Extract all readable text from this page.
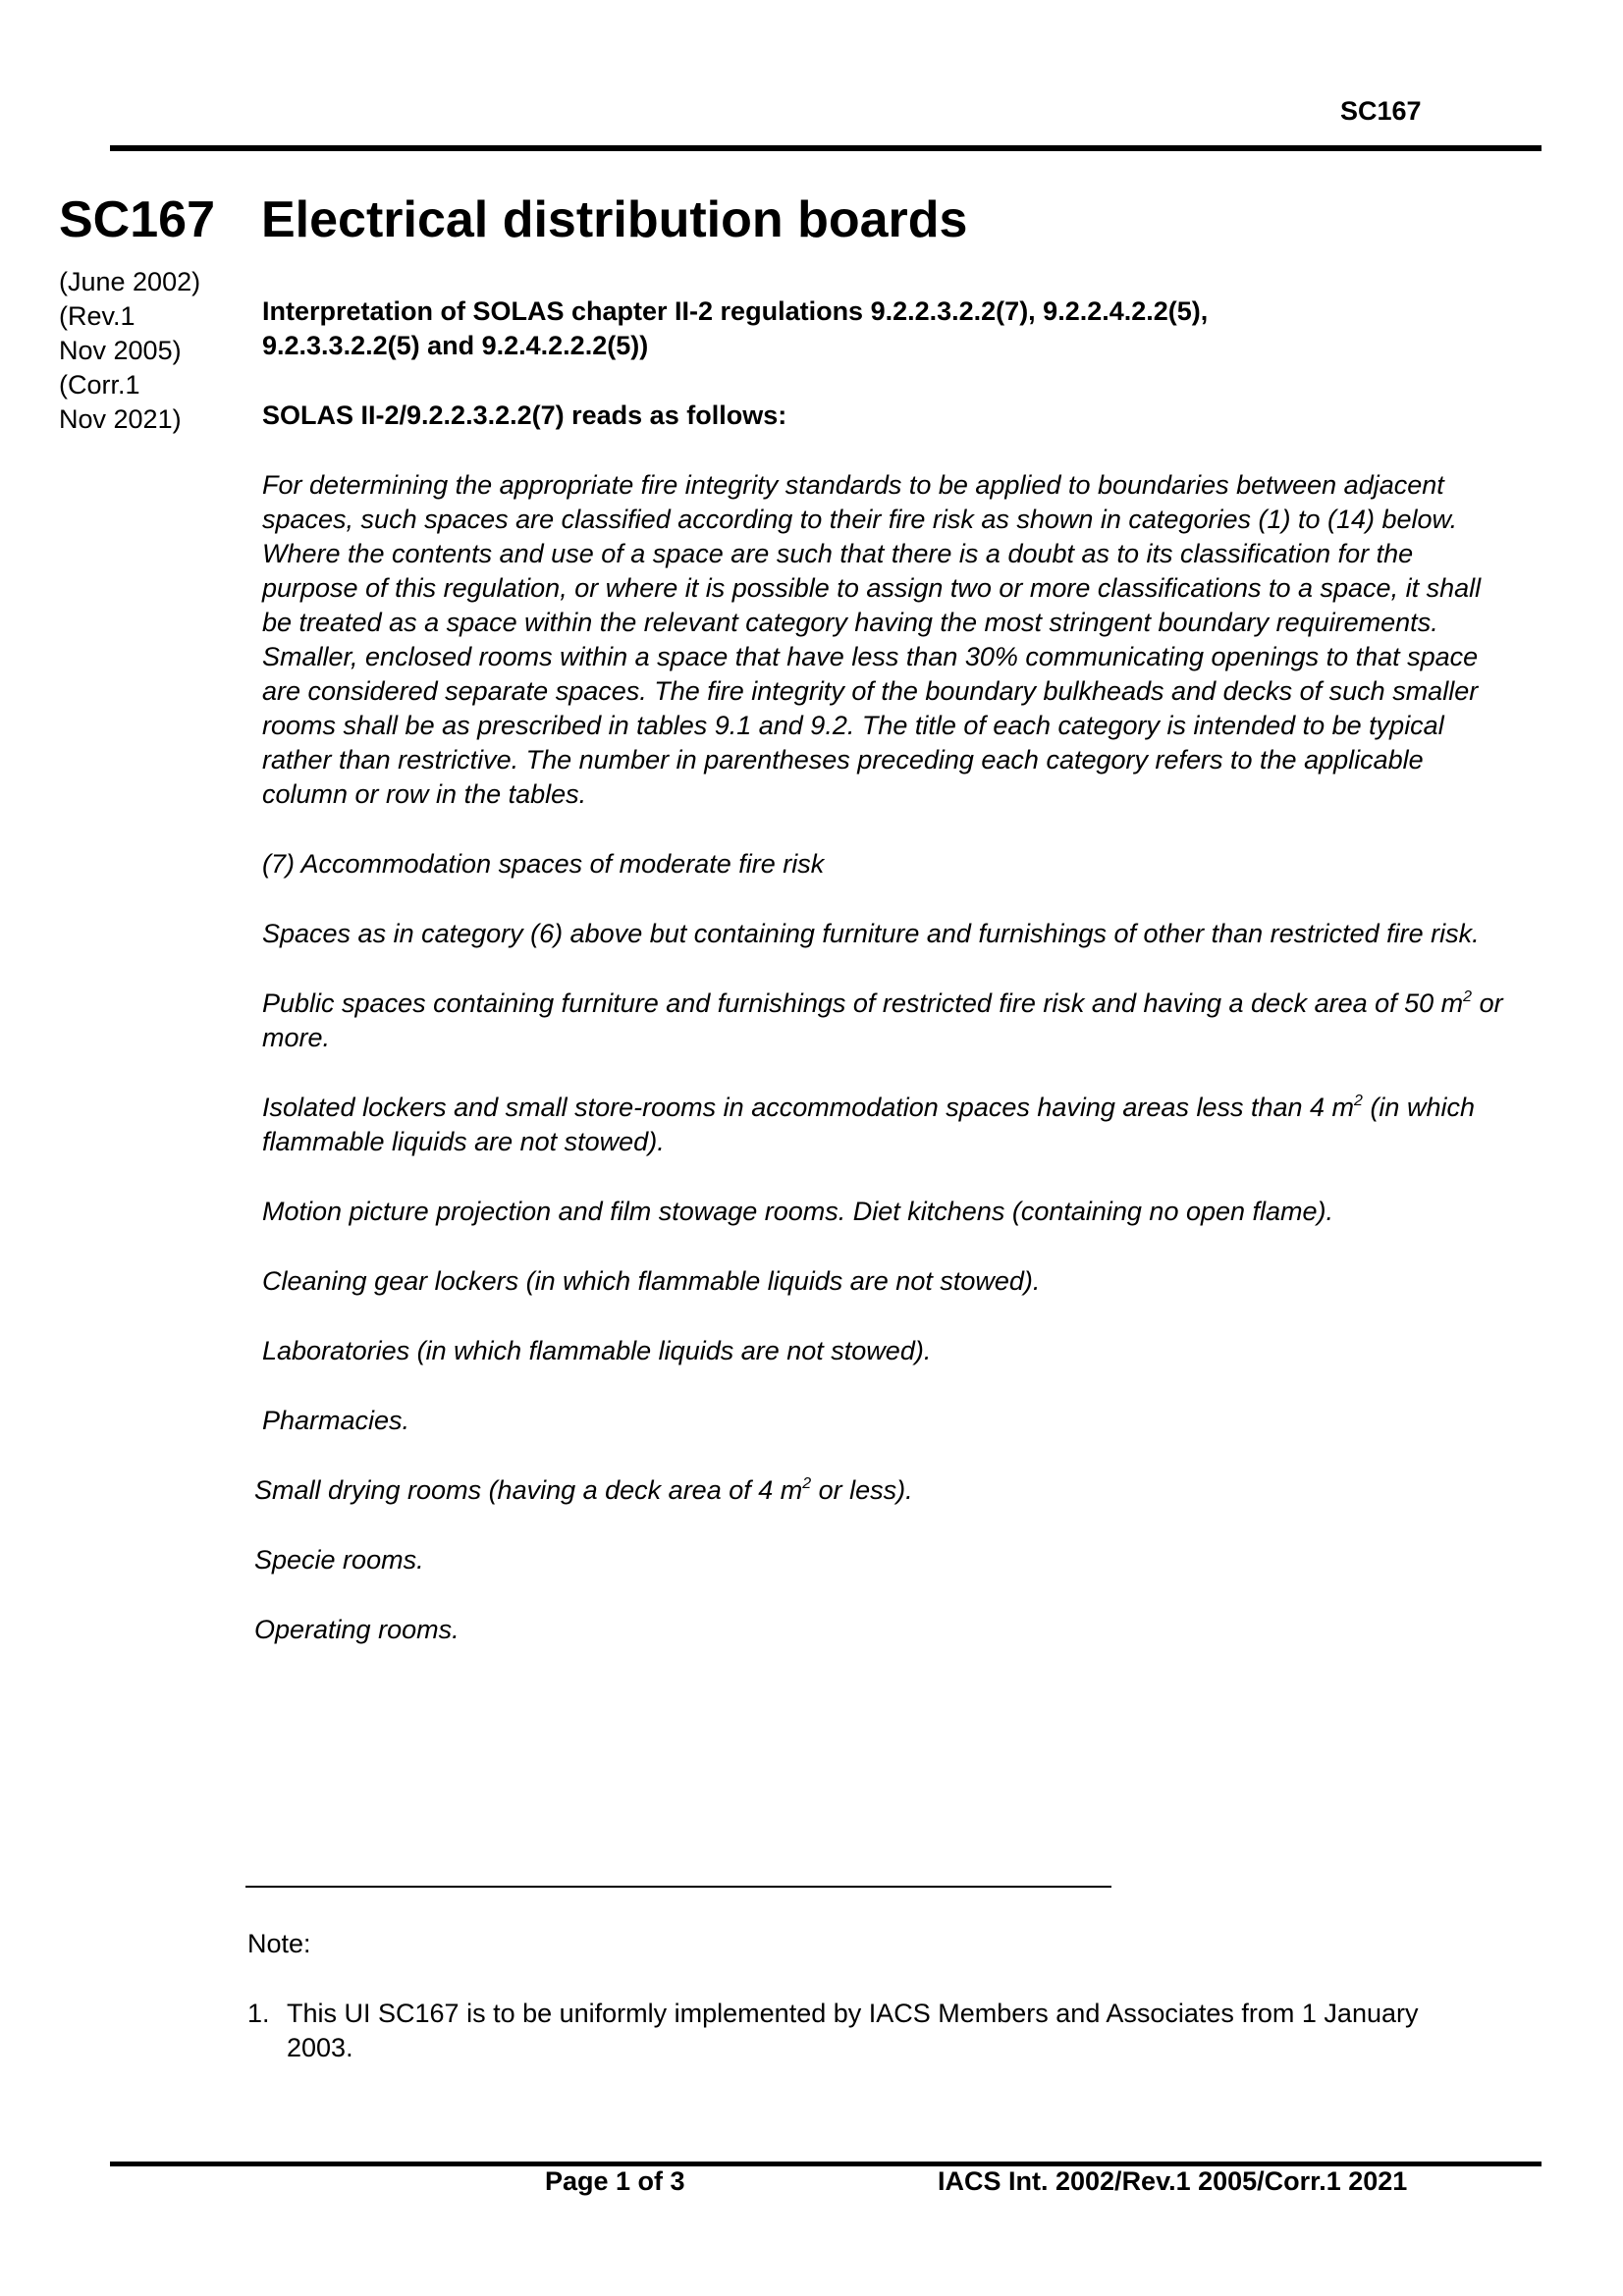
SC167
SC167 Electrical distribution boards
(June 2002)
(Rev.1
Nov 2005)
(Corr.1
Nov 2021)

Interpretation of SOLAS chapter II-2 regulations 9.2.2.3.2.2(7), 9.2.2.4.2.2(5),
9.2.3.3.2.2(5) and 9.2.4.2.2.2(5))

SOLAS II-2/9.2.2.3.2.2(7) reads as follows:

For determining the appropriate fire integrity standards to be applied to boundaries between adjacent spaces, such spaces are classified according to their fire risk as shown in categories (1) to (14) below. Where the contents and use of a space are such that there is a doubt as to its classification for the purpose of this regulation, or where it is possible to assign two or more classifications to a space, it shall be treated as a space within the relevant category having the most stringent boundary requirements. Smaller, enclosed rooms within a space that have less than 30% communicating openings to that space are considered separate spaces. The fire integrity of the boundary bulkheads and decks of such smaller rooms shall be as prescribed in tables 9.1 and 9.2. The title of each category is intended to be typical rather than restrictive. The number in parentheses preceding each category refers to the applicable column or row in the tables.

(7) Accommodation spaces of moderate fire risk

Spaces as in category (6) above but containing furniture and furnishings of other than restricted fire risk.

Public spaces containing furniture and furnishings of restricted fire risk and having a deck area of 50 $m^2$ or more.

Isolated lockers and small store-rooms in accommodation spaces having areas less than 4 $m^2$ (in which flammable liquids are not stowed).

Motion picture projection and film stowage rooms. Diet kitchens (containing no open flame).

Cleaning gear lockers (in which flammable liquids are not stowed).

Laboratories (in which flammable liquids are not stowed).

Pharmacies.

Small drying rooms (having a deck area of 4 $m^2$ or less).

Specie rooms.

Operating rooms.

Note:
1. This UI SC167 is to be uniformly implemented by IACS Members and Associates from 1 January 2003.
Page 1 of 3	IACS Int. 2002/Rev.1 2005/Corr.1 2021
